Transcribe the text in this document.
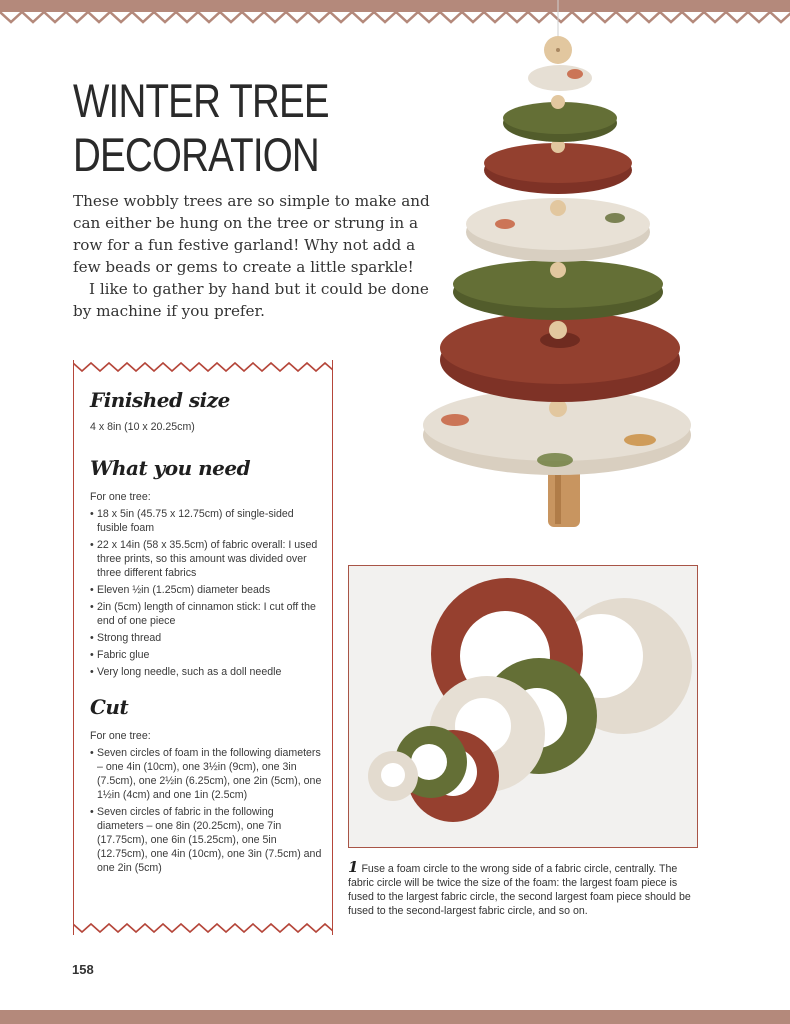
WINTER TREE
DECORATION

These wobbly trees are so simple to make and can either be hung on the tree or strung in a row for a fun festive garland! Why not add a few beads or gems to create a little sparkle!

I like to gather by hand but it could be done by machine if you prefer.

Finished size

4 x 8in (10 x 20.25cm)

What you need

For one tree:

• 18 x 5in (45.75 x 12.75cm) of single-sided fusible foam
• 22 x 14in (58 x 35.5cm) of fabric overall: I used three prints, so this amount was divided over three different fabrics
• Eleven ½in (1.25cm) diameter beads
• 2in (5cm) length of cinnamon stick: I cut off the end of one piece
• Strong thread
• Fabric glue
• Very long needle, such as a doll needle
Cut

For one tree:

• Seven circles of foam in the following diameters – one 4in (10cm), one 3½in (9cm), one 3in (7.5cm), one 2½in (6.25cm), one 2in (5cm), one 1½in (4cm) and one 1in (2.5cm)
• Seven circles of fabric in the following diameters – one 8in (20.25cm), one 7in (17.75cm), one 6in (15.25cm), one 5in (12.75cm), one 4in (10cm), one 3in (7.5cm) and one 2in (5cm)	1 Fuse a foam circle to the wrong side of a fabric circle, centrally. The fabric circle will be twice the size of the foam: the largest foam piece is fused to the largest fabric circle, the second largest foam piece should be fused to the second-largest fabric circle, and so on.
158
